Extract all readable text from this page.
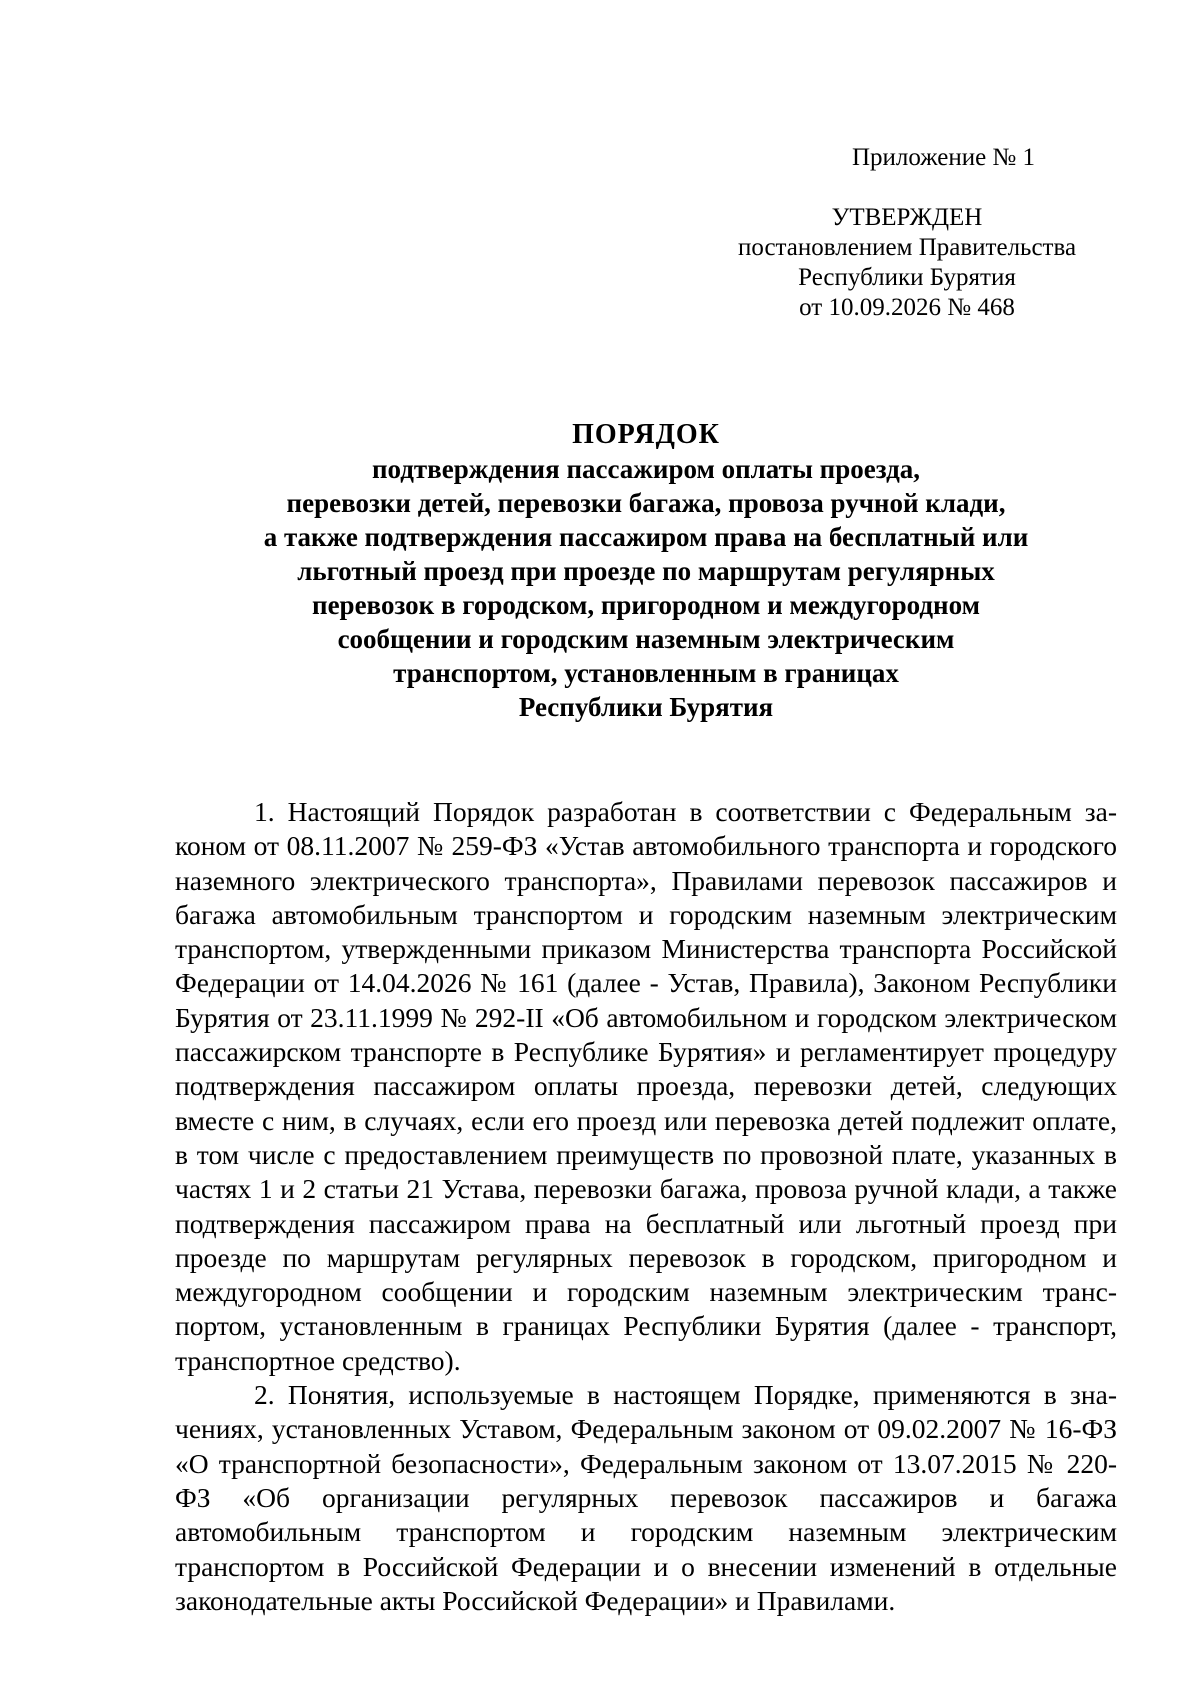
Приложение № 1
УТВЕРЖДЕН
постановлением Правительства
Республики Бурятия
от 10.09.2026 № 468
ПОРЯДОК
подтверждения пассажиром оплаты проезда,
перевозки детей, перевозки багажа, провоза ручной клади,
а также подтверждения пассажиром права на бесплатный или
льготный проезд при проезде по маршрутам регулярных
перевозок в городском, пригородном и междугородном
сообщении и городским наземным электрическим
транспортом, установленным в границах
Республики Бурятия

1. Настоящий Порядок разработан в соответствии с Федеральным законом от 08.11.2007 № 259-ФЗ «Устав автомобильного транспорта и городского наземного электрического транспорта», Правилами перевозок пассажиров и багажа автомобильным транспортом и городским наземным электрическим транспортом, утвержденными приказом Министерства транспорта Российской Федерации от 14.04.2026 № 161 (далее - Устав, Правила), Законом Республики Бурятия от 23.11.1999 № 292-II «Об автомобильном и городском электрическом пассажирском транспорте в Республике Бурятия» и регламентирует процедуру подтверждения пассажиром оплаты проезда, перевозки детей, следующих вместе с ним, в случаях, если его проезд или перевозка детей подлежит оплате, в том числе с предоставлением преимуществ по провозной плате, указанных в частях 1 и 2 статьи 21 Устава, перевозки багажа, провоза ручной клади, а также подтверждения пассажиром права на бесплатный или льготный проезд при проезде по маршрутам регулярных перевозок в городском, пригородном и междугородном сообщении и городским наземным электрическим транспортом, установленным в границах Республики Бурятия (далее - транспорт, транспортное средство).

2. Понятия, используемые в настоящем Порядке, применяются в значениях, установленных Уставом, Федеральным законом от 09.02.2007 № 16-ФЗ «О транспортной безопасности», Федеральным законом от 13.07.2015 № 220-ФЗ «Об организации регулярных перевозок пассажиров и багажа автомобильным транспортом и городским наземным электрическим транспортом в Российской Федерации и о внесении изменений в отдельные законодательные акты Российской Федерации» и Правилами.
